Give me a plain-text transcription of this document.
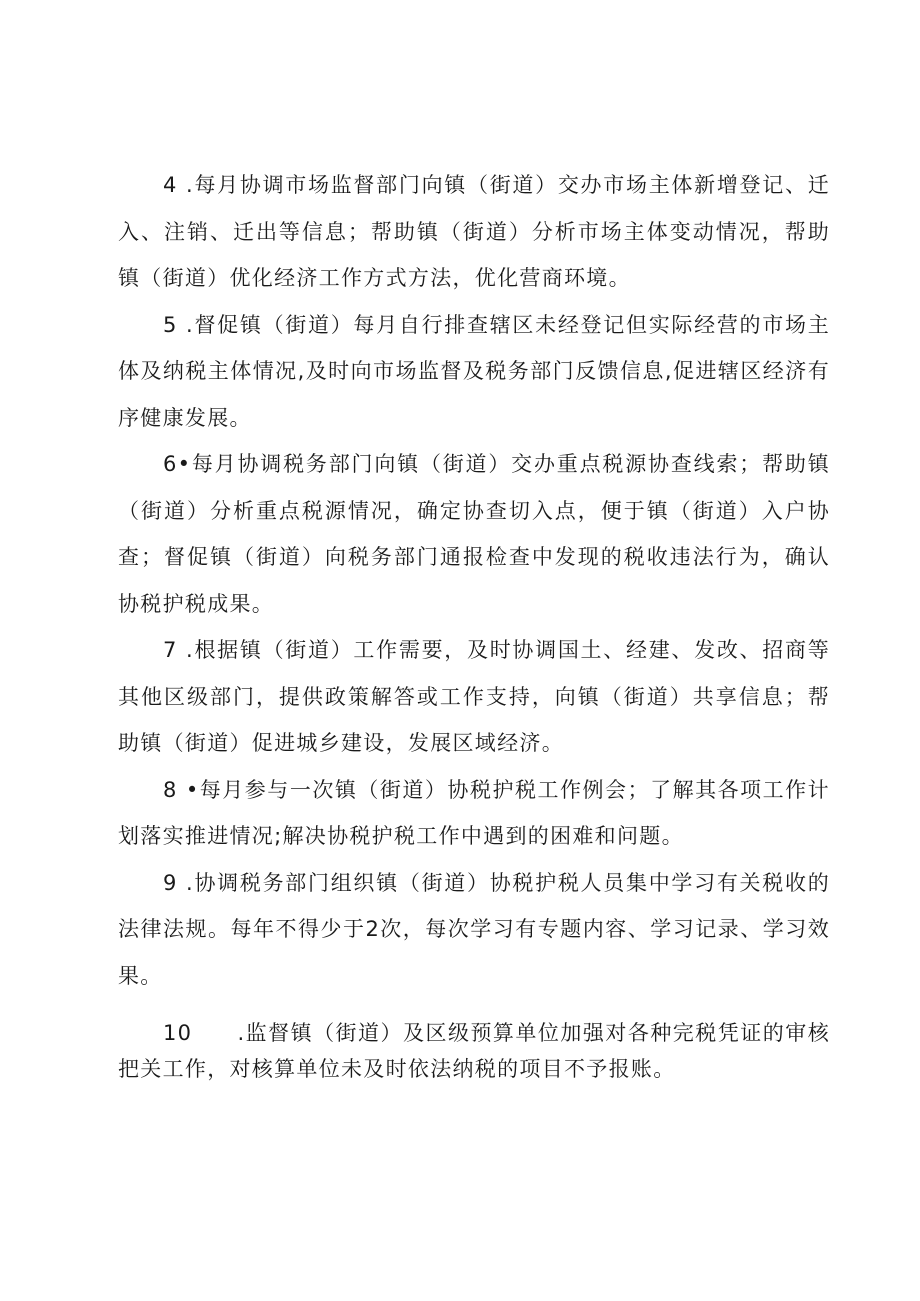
4 .每月协调市场监督部门向镇（街道）交办市场主体新增登记、迁入、注销、迁出等信息；帮助镇（街道）分析市场主体变动情况，帮助镇（街道）优化经济工作方式方法，优化营商环境。

5 .督促镇（街道）每月自行排查辖区未经登记但实际经营的市场主体及纳税主体情况,及时向市场监督及税务部门反馈信息,促进辖区经济有序健康发展。

6•每月协调税务部门向镇（街道）交办重点税源协查线索；帮助镇（街道）分析重点税源情况，确定协查切入点，便于镇（街道）入户协查；督促镇（街道）向税务部门通报检查中发现的税收违法行为，确认协税护税成果。

7 .根据镇（街道）工作需要，及时协调国土、经建、发改、招商等其他区级部门，提供政策解答或工作支持，向镇（街道）共享信息；帮助镇（街道）促进城乡建设，发展区域经济。

8 •每月参与一次镇（街道）协税护税工作例会；了解其各项工作计划落实推进情况;解决协税护税工作中遇到的困难和问题。

9 .协调税务部门组织镇（街道）协税护税人员集中学习有关税收的法律法规。每年不得少于2次，每次学习有专题内容、学习记录、学习效果。

10　　.监督镇（街道）及区级预算单位加强对各种完税凭证的审核把关工作，对核算单位未及时依法纳税的项目不予报账。
